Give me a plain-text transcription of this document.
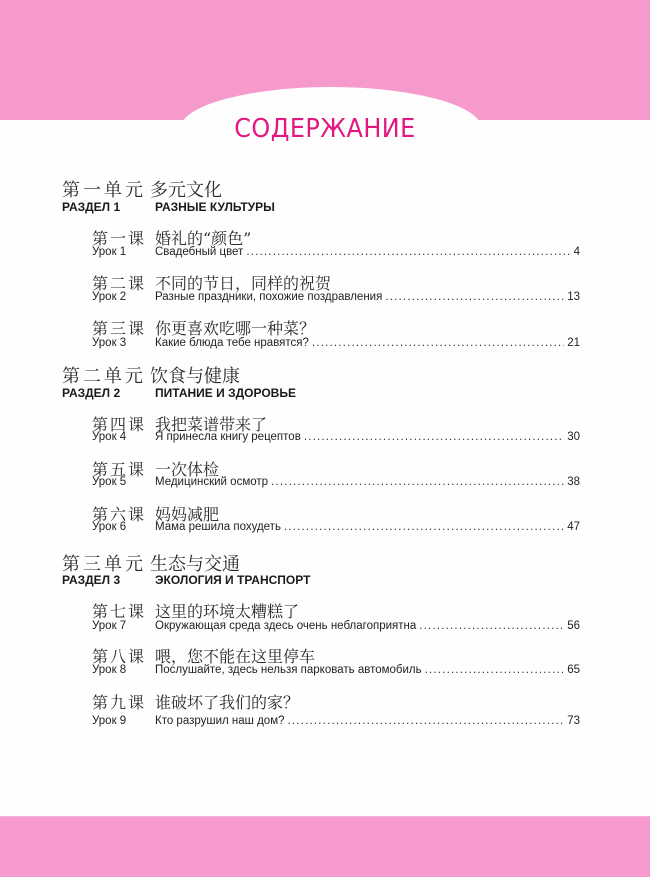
СОДЕРЖАНИЕ
第一单元 多元文化
РАЗДЕЛ 1	РАЗНЫЕ КУЛЬТУРЫ
第一课 婚礼的“颜色”
Урок 1	Свадебный цвет .....	4
第二课 不同的节日，同样的祝贺
Урок 2	Разные праздники, похожие поздравления .....	13
第三课 你更喜欢吃哪一种菜？
Урок 3	Какие блюда тебе нравятся? .....	21
第二单元 饮食与健康
РАЗДЕЛ 2	ПИТАНИЕ И ЗДОРОВЬЕ
第四课 我把菜谱带来了
Урок 4	Я принесла книгу рецептов .....	30
第五课 一次体检
Урок 5	Медицинский осмотр .....	38
第六课 妈妈减肥
Урок 6	Мама решила похудеть .....	47
第三单元 生态与交通
РАЗДЕЛ 3	ЭКОЛОГИЯ И ТРАНСПОРТ
第七课 这里的环境太糟糕了
Урок 7	Окружающая среда здесь очень неблагоприятна .....	56
第八课 喂，您不能在这里停车
Урок 8	Послушайте, здесь нельзя парковать автомобиль .....	65
第九课 谁破坏了我们的家？
Урок 9	Кто разрушил наш дом? .....	73
